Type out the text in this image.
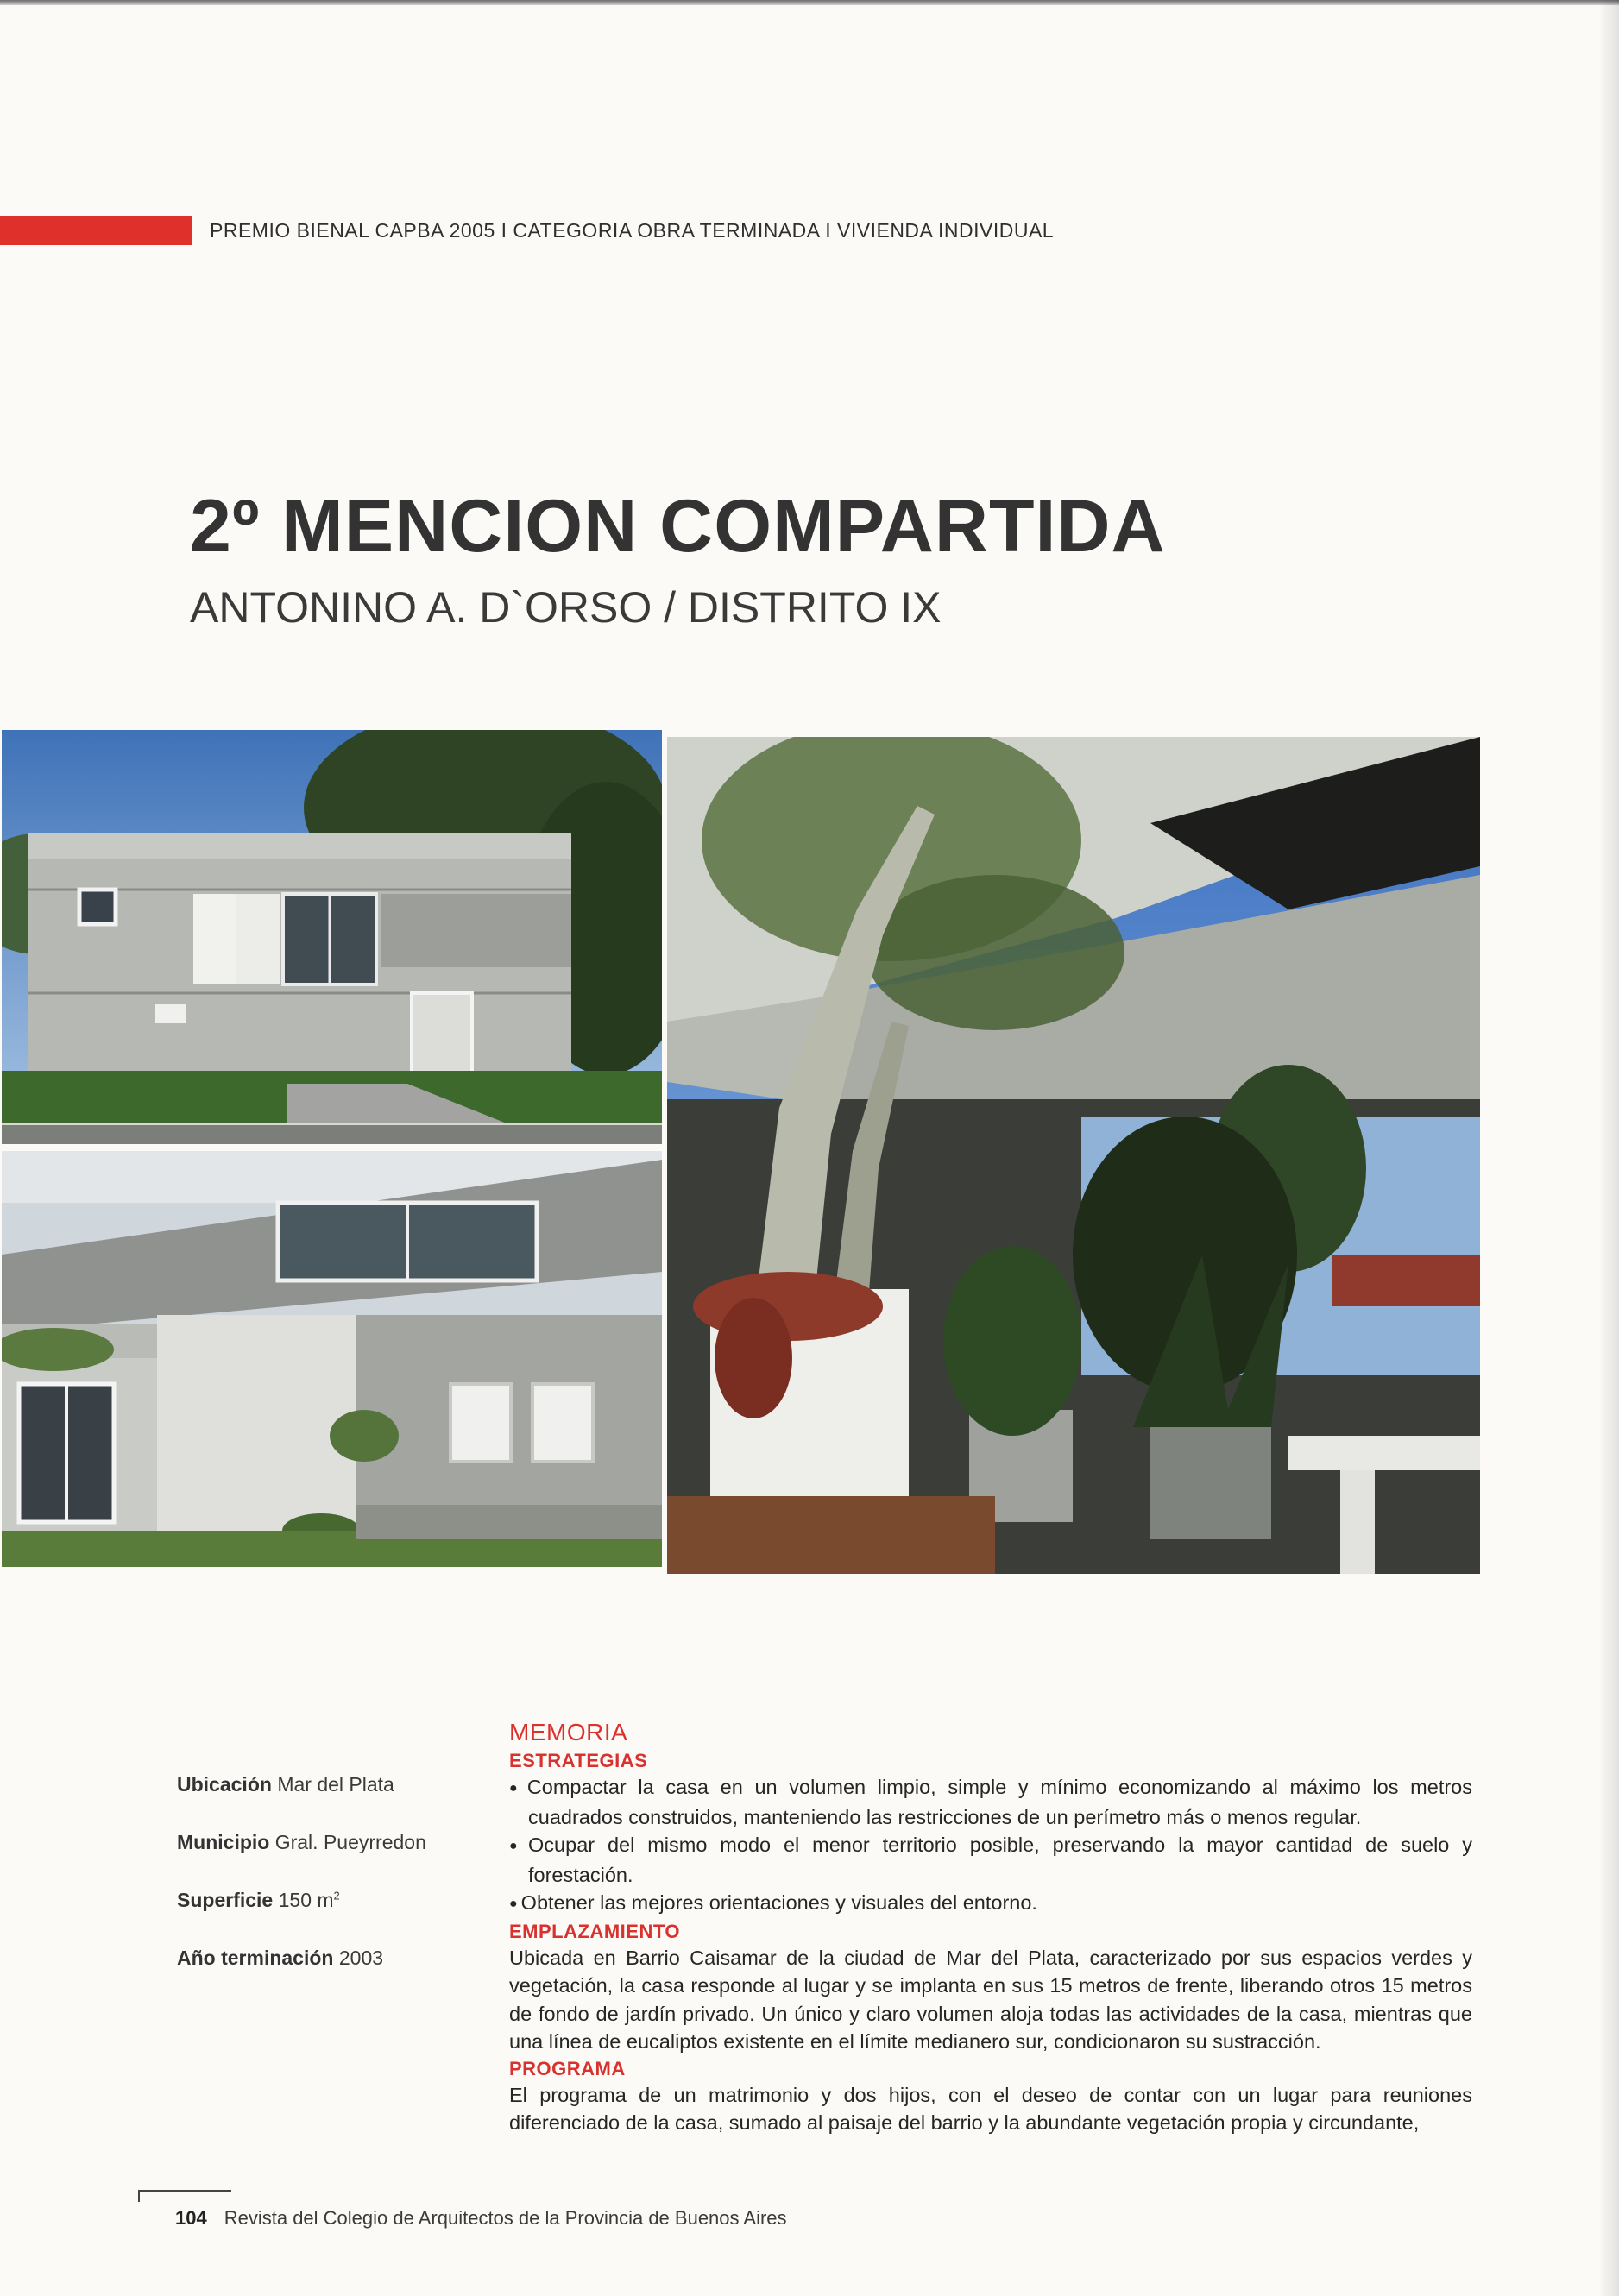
PREMIO BIENAL CAPBA 2005 I CATEGORIA OBRA TERMINADA I VIVIENDA INDIVIDUAL
2º MENCION COMPARTIDA
ANTONINO A. D`ORSO / DISTRITO IX
Ubicación Mar del Plata
Municipio Gral. Pueyrredon
Superficie 150 $m^2$
Año terminación 2003
MEMORIA
ESTRATEGIAS
● Compactar la casa en un volumen limpio, simple y mínimo economizando al máximo los metros cuadrados construidos, manteniendo las restricciones de un perímetro más o menos regular.
● Ocupar del mismo modo el menor territorio posible, preservando la mayor cantidad de suelo y forestación.
● Obtener las mejores orientaciones y visuales del entorno.
EMPLAZAMIENTO

Ubicada en Barrio Caisamar de la ciudad de Mar del Plata, caracterizado por sus espacios verdes y vegetación, la casa responde al lugar y se implanta en sus 15 metros de frente, liberando otros 15 metros de fondo de jardín privado. Un único y claro volumen aloja todas las actividades de la casa, mientras que una línea de eucaliptos existente en el límite medianero sur, condicionaron su sustracción.

PROGRAMA

El programa de un matrimonio y dos hijos, con el deseo de contar con un lugar para reuniones diferenciado de la casa, sumado al paisaje del barrio y la abundante vegetación propia y circundante,

104 Revista del Colegio de Arquitectos de la Provincia de Buenos Aires
